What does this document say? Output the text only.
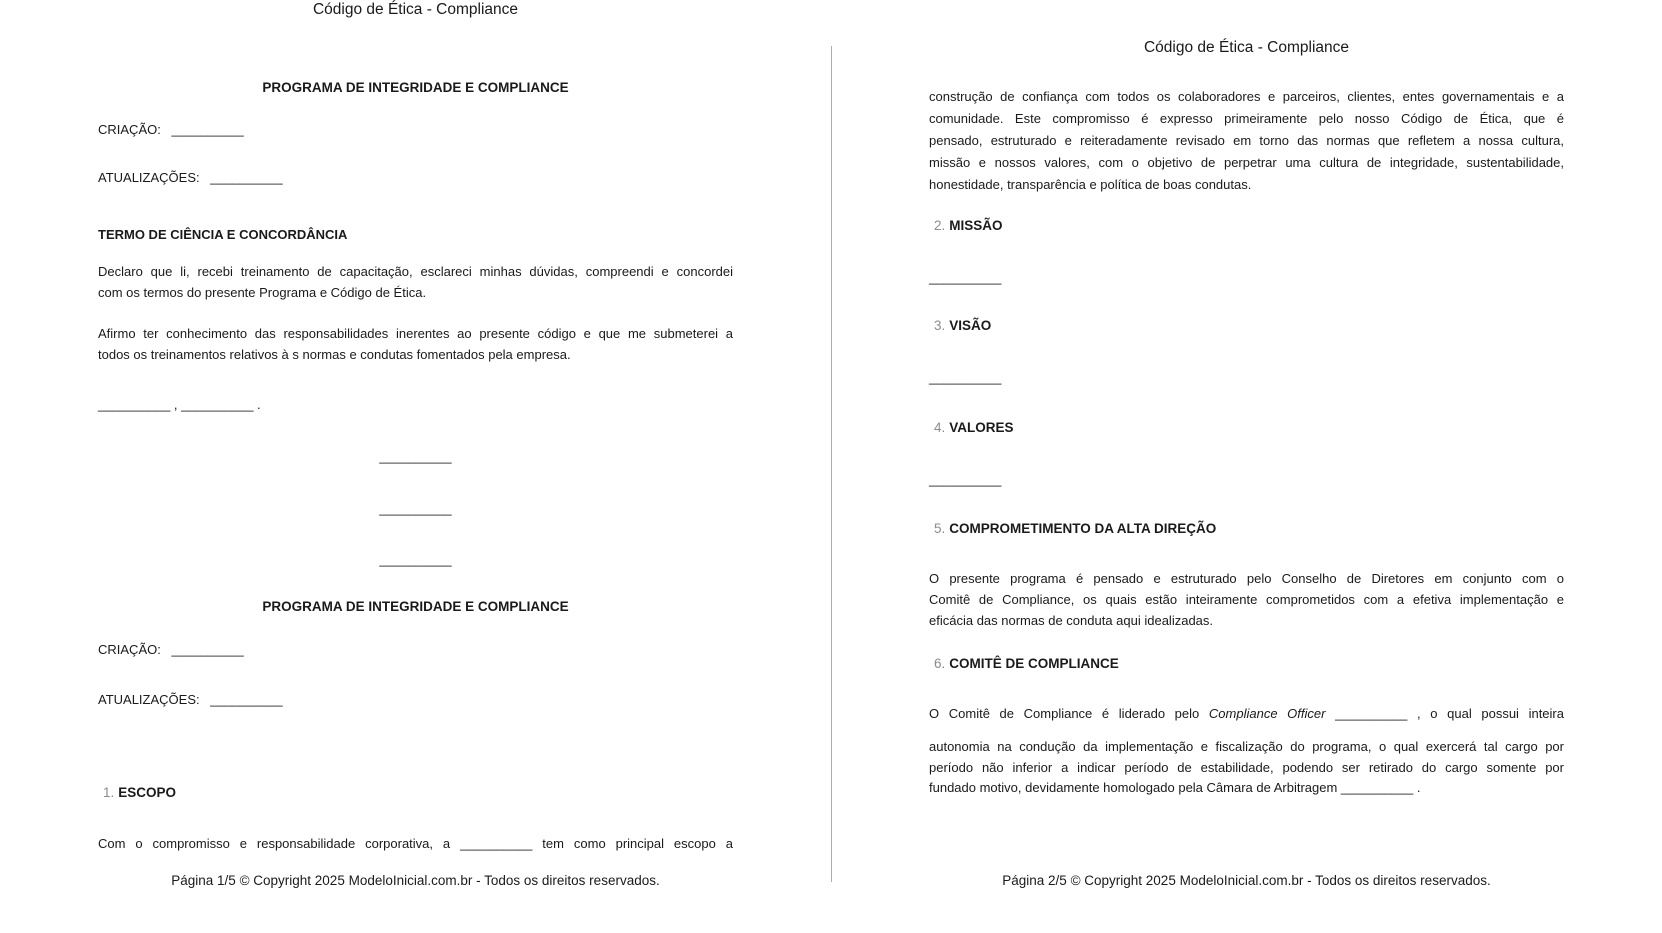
Código de Ética - Compliance
PROGRAMA DE INTEGRIDADE E COMPLIANCE
CRIAÇÃO: __________
ATUALIZAÇÕES: __________
TERMO DE CIÊNCIA E CONCORDÂNCIA
Declaro que li, recebi treinamento de capacitação, esclareci minhas dúvidas, compreendi e concordei
com os termos do presente Programa e Código de Ética.
Afirmo ter conhecimento das responsabilidades inerentes ao presente código e que me submeterei a
todos os treinamentos relativos à s normas e condutas fomentados pela empresa.
__________ , __________ .
__________
__________
__________
PROGRAMA DE INTEGRIDADE E COMPLIANCE
CRIAÇÃO: __________
ATUALIZAÇÕES: __________
1. ESCOPO
Com o compromisso e responsabilidade corporativa, a __________ tem como principal escopo a
Página 1/5 © Copyright 2025 ModeloInicial.com.br - Todos os direitos reservados.
Código de Ética - Compliance
construção de confiança com todos os colaboradores e parceiros, clientes, entes governamentais e a
comunidade. Este compromisso é expresso primeiramente pelo nosso Código de Ética, que é
pensado, estruturado e reiteradamente revisado em torno das normas que refletem a nossa cultura,
missão e nossos valores, com o objetivo de perpetrar uma cultura de integridade, sustentabilidade,
honestidade, transparência e política de boas condutas.
2. MISSÃO
__________
3. VISÃO
__________
4. VALORES
__________
5. COMPROMETIMENTO DA ALTA DIREÇÃO
O presente programa é pensado e estruturado pelo Conselho de Diretores em conjunto com o
Comitê de Compliance, os quais estão inteiramente comprometidos com a efetiva implementação e
eficácia das normas de conduta aqui idealizadas.
6. COMITÊ DE COMPLIANCE
O Comitê de Compliance é liderado pelo Compliance Officer __________ , o qual possui inteira
autonomia na condução da implementação e fiscalização do programa, o qual exercerá tal cargo por
período não inferior a indicar período de estabilidade, podendo ser retirado do cargo somente por
fundado motivo, devidamente homologado pela Câmara de Arbitragem __________ .
Página 2/5 © Copyright 2025 ModeloInicial.com.br - Todos os direitos reservados.
